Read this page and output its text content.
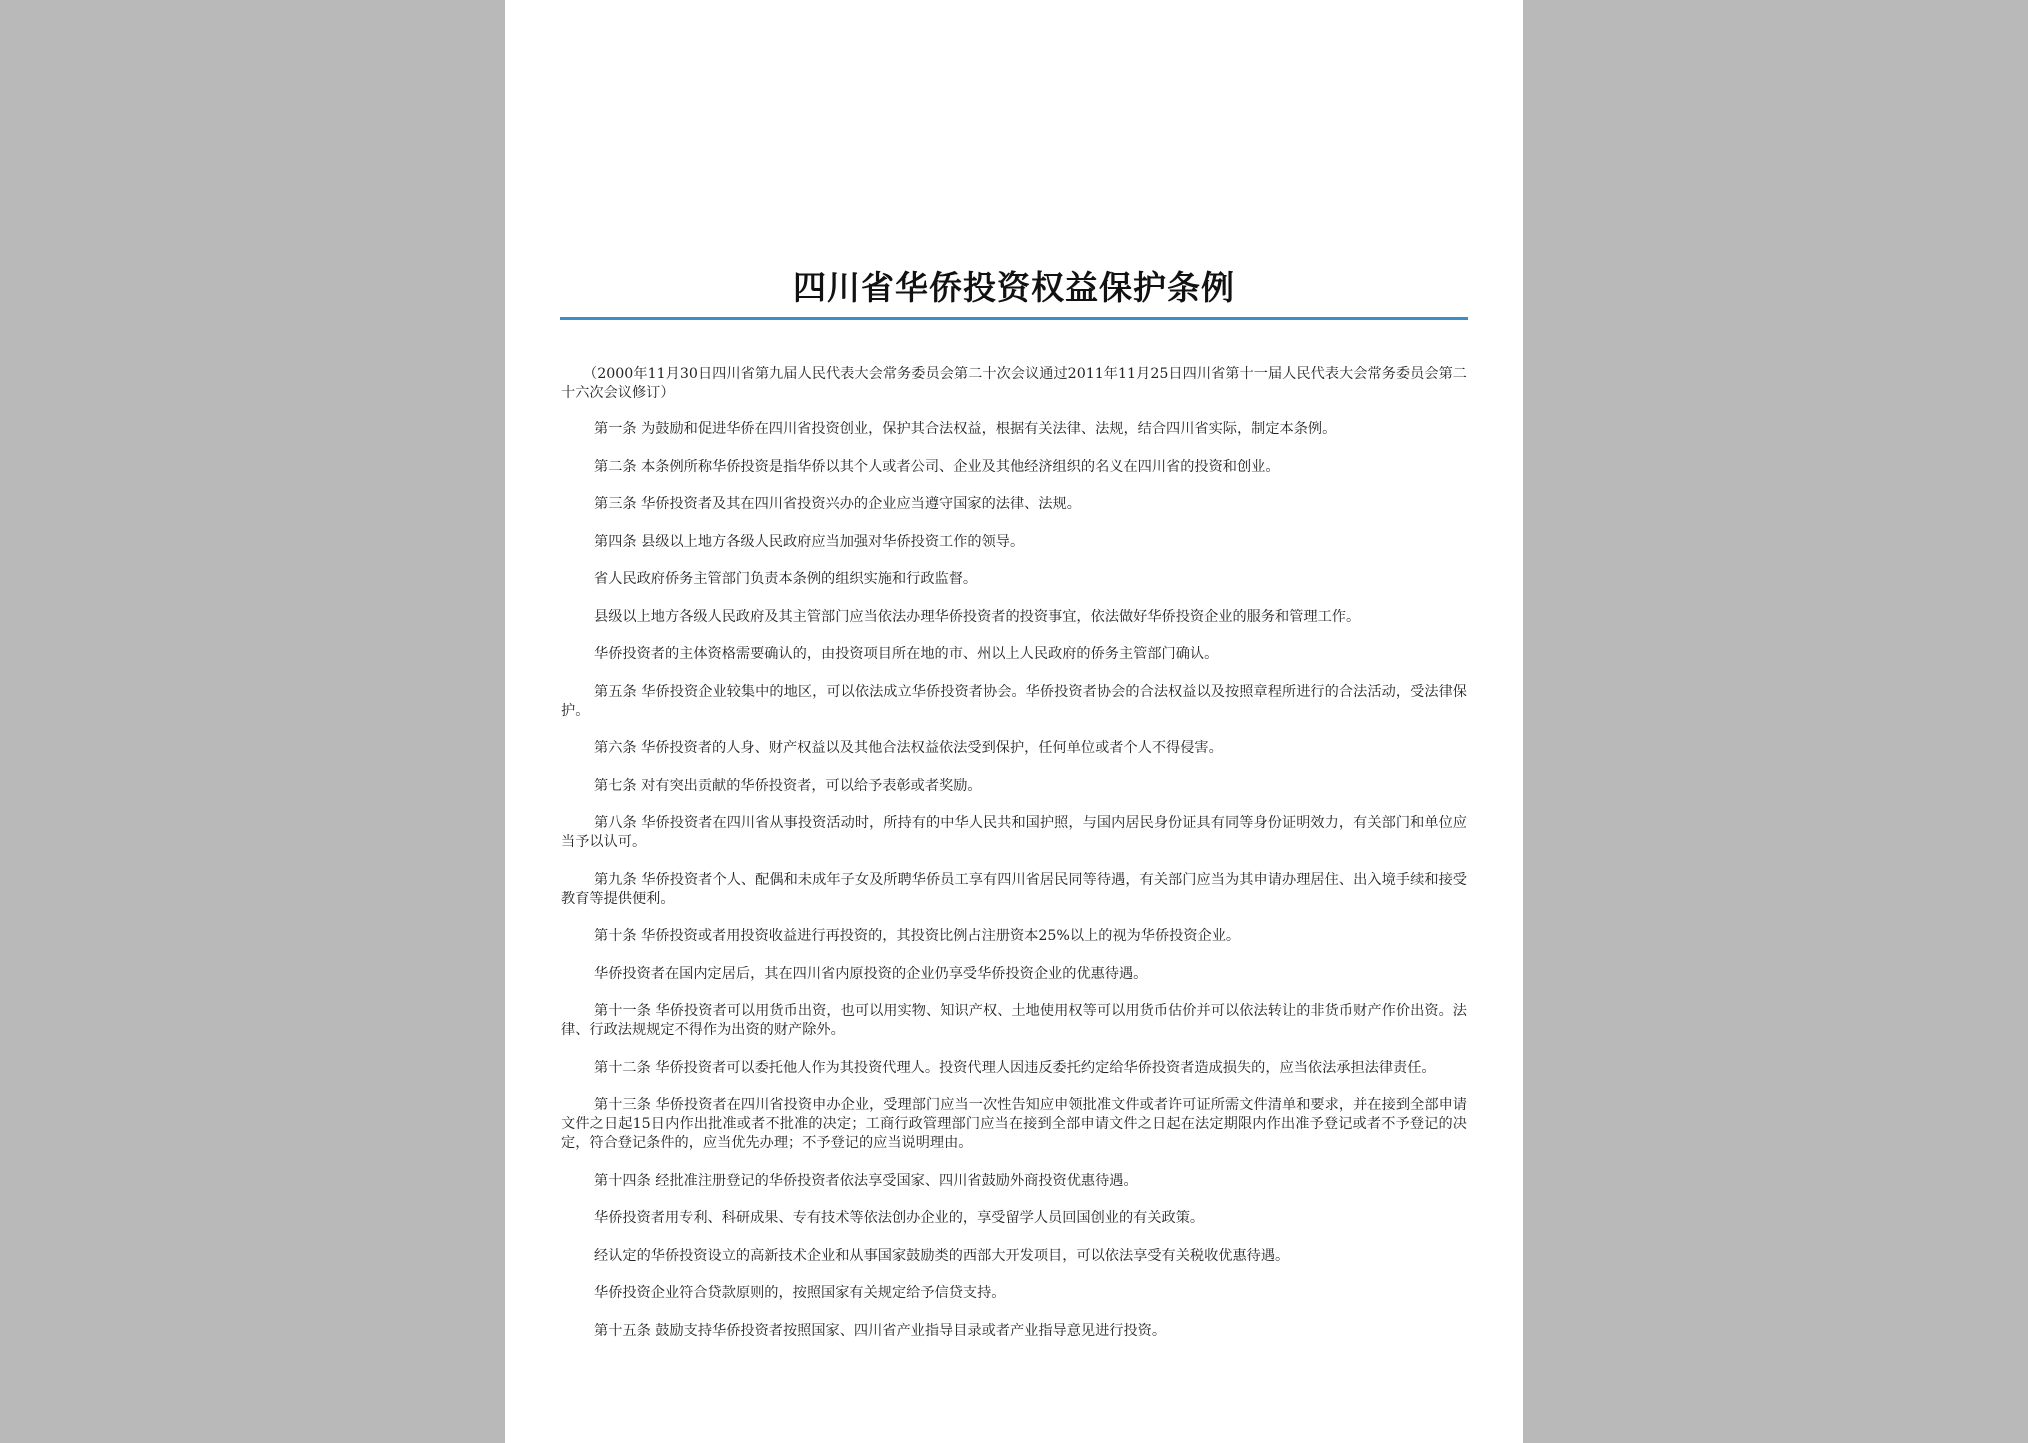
四川省华侨投资权益保护条例

（2000年11月30日四川省第九届人民代表大会常务委员会第二十次会议通过2011年11月25日四川省第十一届人民代表大会常务委员会第二十六次会议修订）

第一条 为鼓励和促进华侨在四川省投资创业，保护其合法权益，根据有关法律、法规，结合四川省实际，制定本条例。

第二条 本条例所称华侨投资是指华侨以其个人或者公司、企业及其他经济组织的名义在四川省的投资和创业。

第三条 华侨投资者及其在四川省投资兴办的企业应当遵守国家的法律、法规。

第四条 县级以上地方各级人民政府应当加强对华侨投资工作的领导。

省人民政府侨务主管部门负责本条例的组织实施和行政监督。

县级以上地方各级人民政府及其主管部门应当依法办理华侨投资者的投资事宜，依法做好华侨投资企业的服务和管理工作。

华侨投资者的主体资格需要确认的，由投资项目所在地的市、州以上人民政府的侨务主管部门确认。

第五条 华侨投资企业较集中的地区，可以依法成立华侨投资者协会。华侨投资者协会的合法权益以及按照章程所进行的合法活动，受法律保护。

第六条 华侨投资者的人身、财产权益以及其他合法权益依法受到保护，任何单位或者个人不得侵害。

第七条 对有突出贡献的华侨投资者，可以给予表彰或者奖励。

第八条 华侨投资者在四川省从事投资活动时，所持有的中华人民共和国护照，与国内居民身份证具有同等身份证明效力，有关部门和单位应当予以认可。

第九条 华侨投资者个人、配偶和未成年子女及所聘华侨员工享有四川省居民同等待遇，有关部门应当为其申请办理居住、出入境手续和接受教育等提供便利。

第十条 华侨投资或者用投资收益进行再投资的，其投资比例占注册资本25%以上的视为华侨投资企业。

华侨投资者在国内定居后，其在四川省内原投资的企业仍享受华侨投资企业的优惠待遇。

第十一条 华侨投资者可以用货币出资，也可以用实物、知识产权、土地使用权等可以用货币估价并可以依法转让的非货币财产作价出资。法律、行政法规规定不得作为出资的财产除外。

第十二条 华侨投资者可以委托他人作为其投资代理人。投资代理人因违反委托约定给华侨投资者造成损失的，应当依法承担法律责任。

第十三条 华侨投资者在四川省投资申办企业，受理部门应当一次性告知应申领批准文件或者许可证所需文件清单和要求，并在接到全部申请文件之日起15日内作出批准或者不批准的决定；工商行政管理部门应当在接到全部申请文件之日起在法定期限内作出准予登记或者不予登记的决定，符合登记条件的，应当优先办理；不予登记的应当说明理由。

第十四条 经批准注册登记的华侨投资者依法享受国家、四川省鼓励外商投资优惠待遇。

华侨投资者用专利、科研成果、专有技术等依法创办企业的，享受留学人员回国创业的有关政策。

经认定的华侨投资设立的高新技术企业和从事国家鼓励类的西部大开发项目，可以依法享受有关税收优惠待遇。

华侨投资企业符合贷款原则的，按照国家有关规定给予信贷支持。

第十五条 鼓励支持华侨投资者按照国家、四川省产业指导目录或者产业指导意见进行投资。
